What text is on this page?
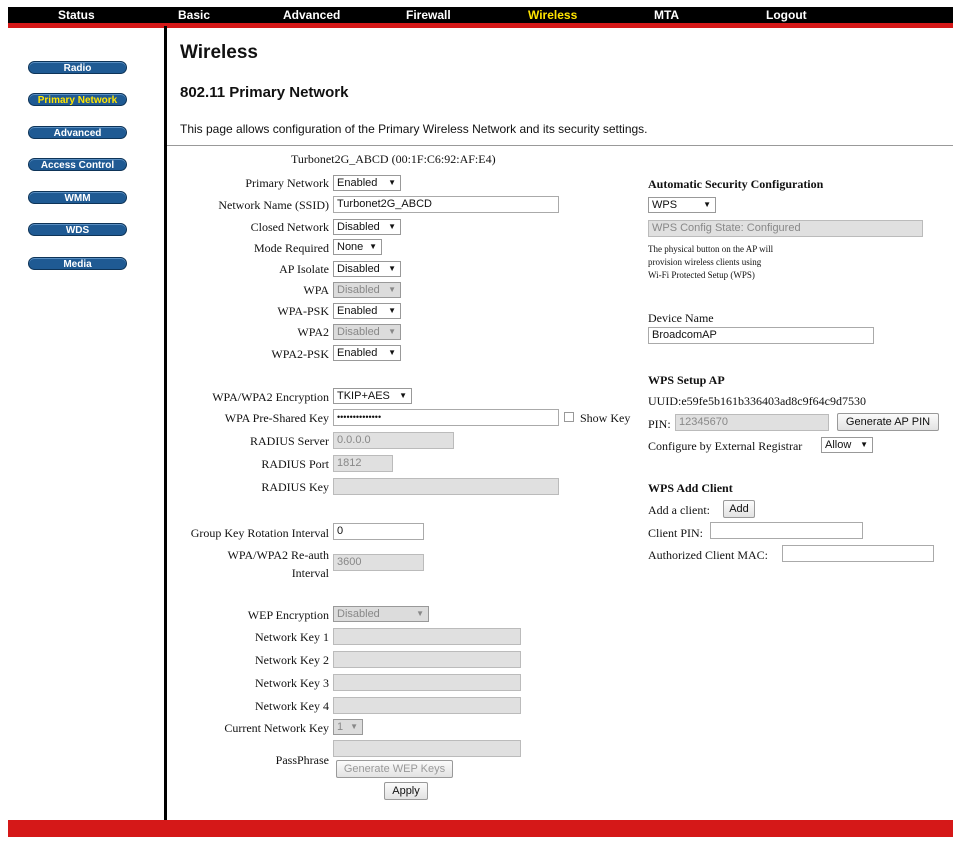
Status	Basic	Advanced	Firewall	Wireless	MTA	Logout
Radio
Primary Network
Advanced
Access Control
WMM
WDS
Media
Wireless
802.11 Primary Network
This page allows configuration of the Primary Wireless Network and its security settings.
Turbonet2G_ABCD (00:1F:C6:92:AF:E4)
Primary Network Enabled ▼
Network Name (SSID) Turbonet2G_ABCD
Closed Network Disabled ▼
Mode Required None ▼
AP Isolate Disabled ▼
WPA Disabled ▼
WPA-PSK Enabled ▼
WPA2 Disabled ▼
WPA2-PSK Enabled ▼
WPA/WPA2 Encryption TKIP+AES ▼
WPA Pre-Shared Key ••••••••••••••	Show Key
RADIUS Server 0.0.0.0
RADIUS Port 1812
RADIUS Key
Group Key Rotation Interval 0
WPA/WPA2 Re-auth
Interval
3600
WEP Encryption Disabled	▼
Network Key 1
Network Key 2
Network Key 3
Network Key 4
Current Network Key 1 ▼
PassPhrase
Generate WEP Keys
Apply
Automatic Security Configuration
WPS	▼
WPS Config State: Configured
The physical button on the AP will
provision wireless clients using
Wi-Fi Protected Setup (WPS)
Device Name
BroadcomAP
WPS Setup AP
UUID:e59fe5b161b336403ad8c9f64c9d7530
PIN: 12345670	Generate AP PIN
Configure by External Registrar	Allow ▼
WPS Add Client
Add a client:	Add
Client PIN:
Authorized Client MAC:
